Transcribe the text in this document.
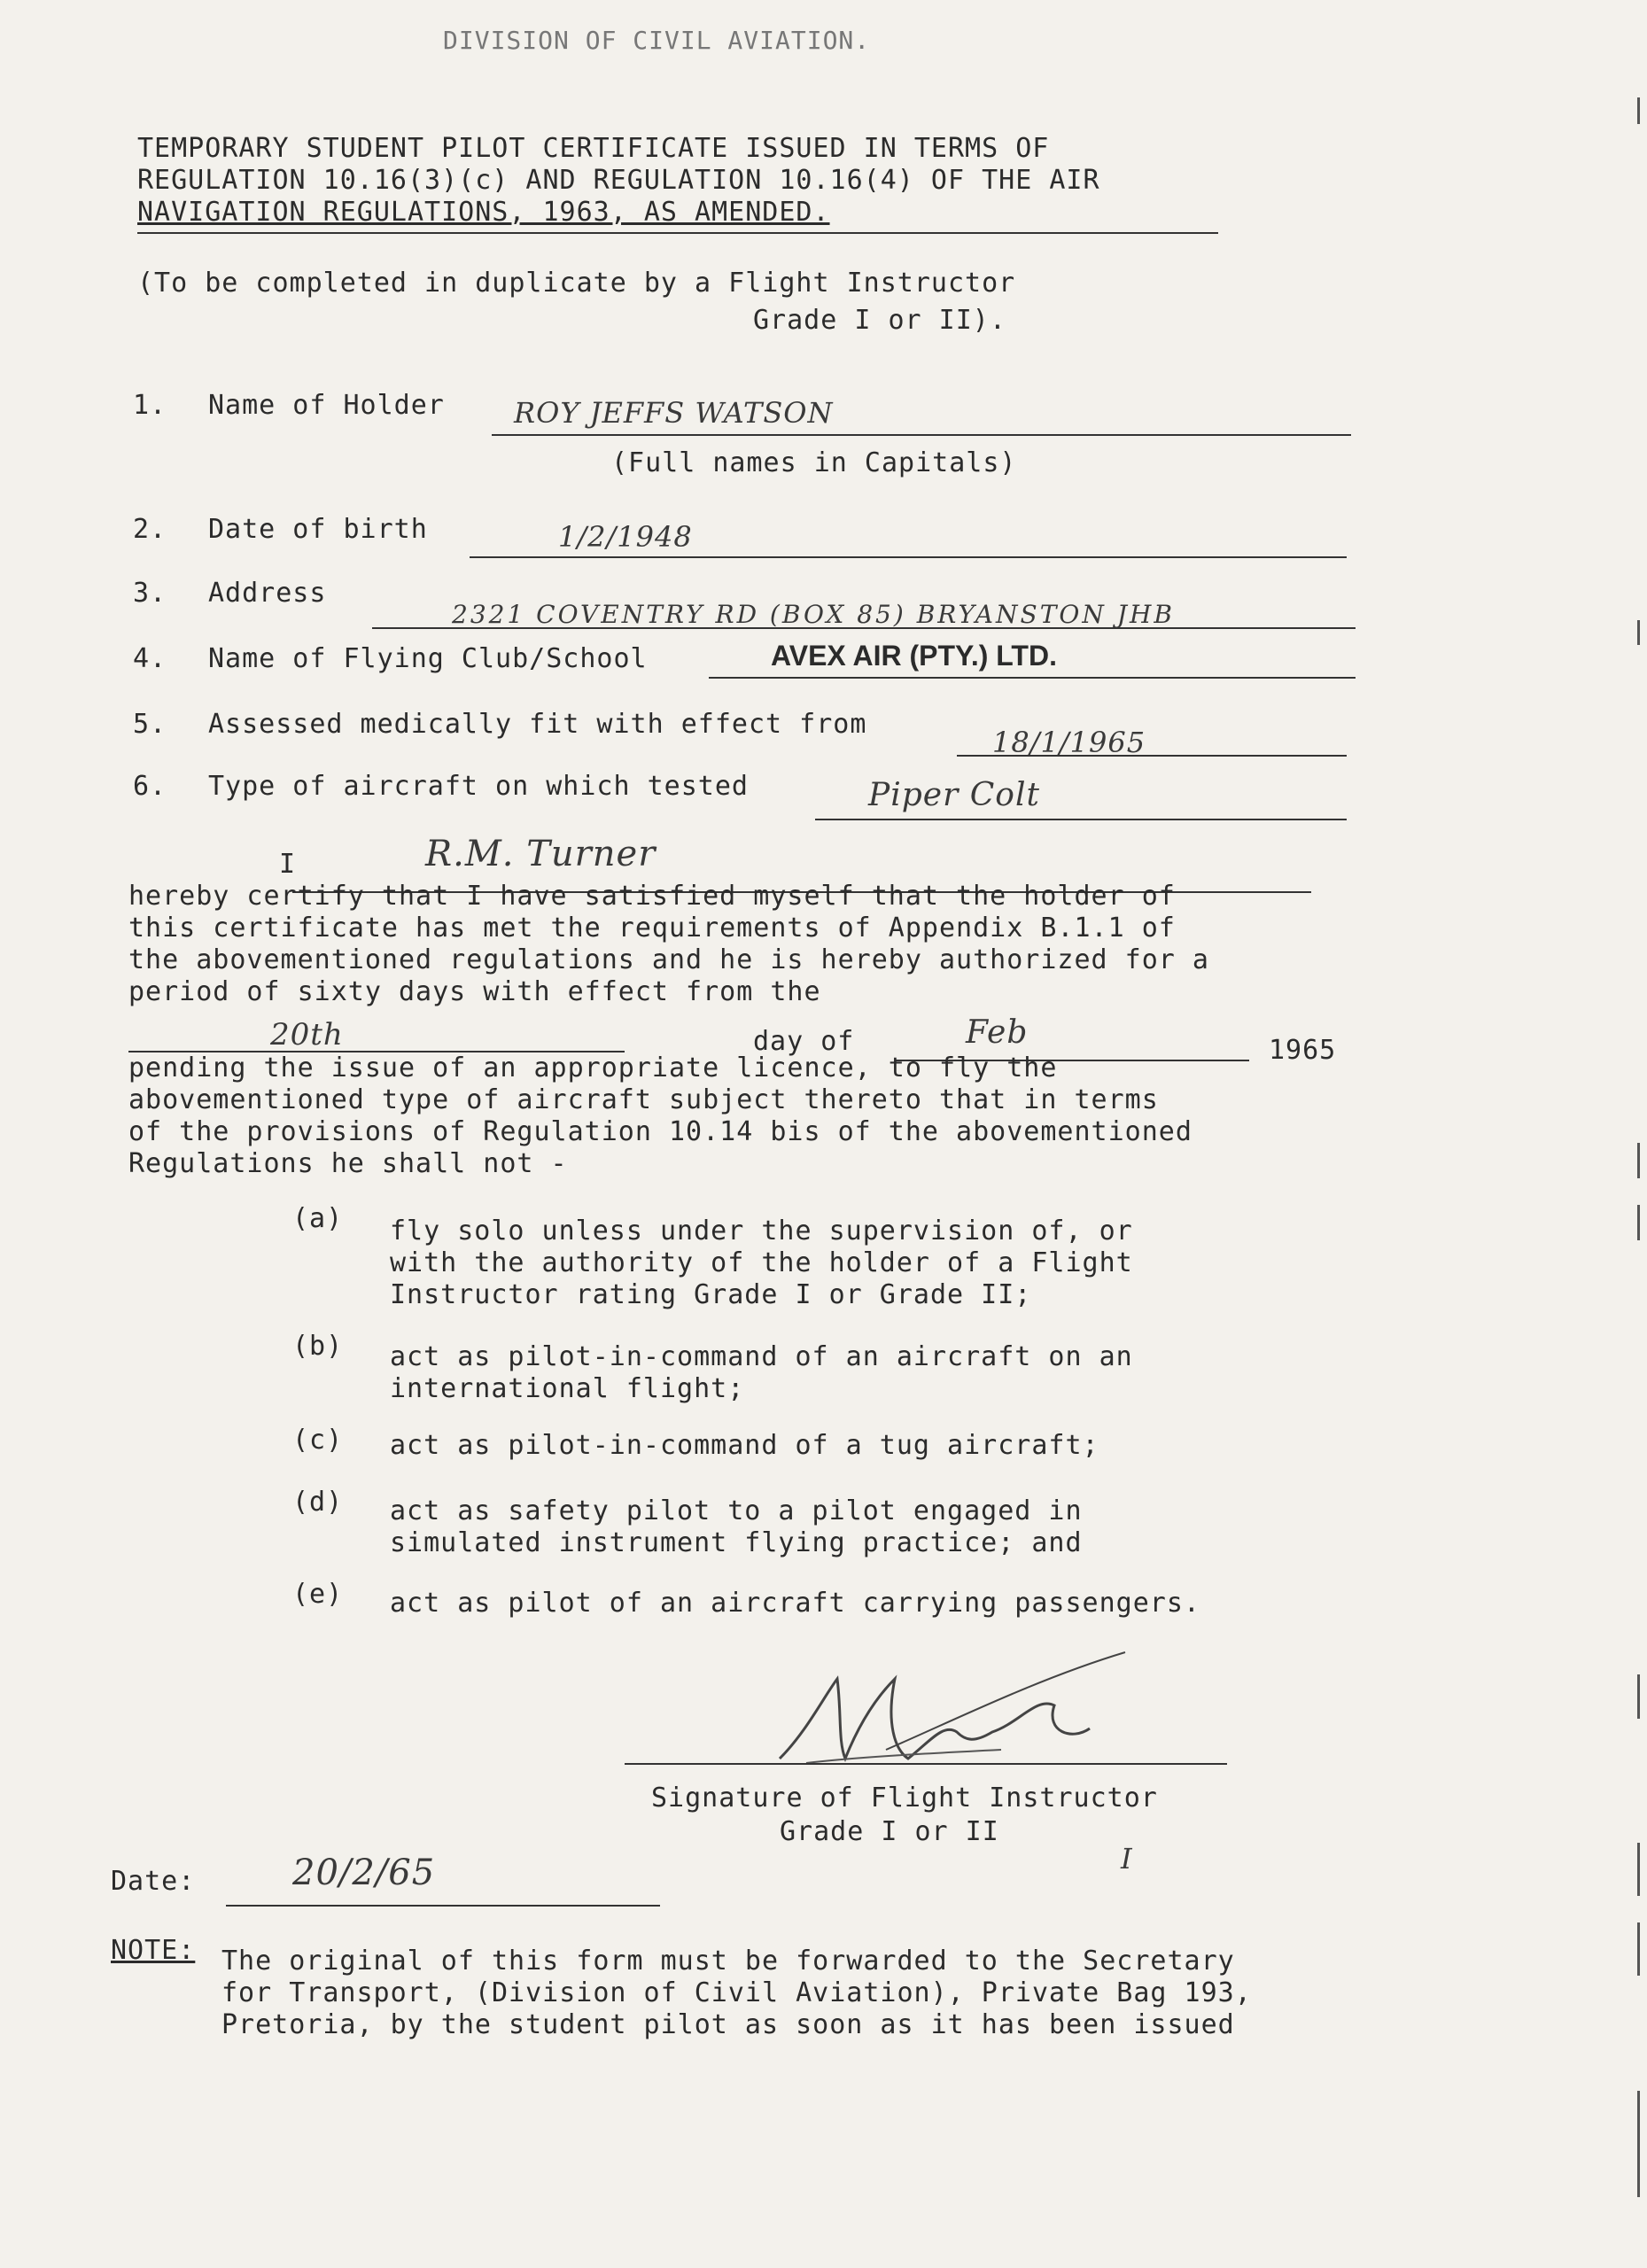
DIVISION OF CIVIL AVIATION.
TEMPORARY STUDENT PILOT CERTIFICATE ISSUED IN TERMS OF
REGULATION 10.16(3)(c) AND REGULATION 10.16(4) OF THE AIR
NAVIGATION REGULATIONS, 1963, AS AMENDED.
(To be completed in duplicate by a Flight Instructor
Grade I or II).
1. Name of Holder ROY JEFFS WATSON
(Full names in Capitals)
2. Date of birth	1/2/1948
3. Address
2321 COVENTRY RD (BOX 85) BRYANSTON JHB
4. Name of Flying Club/School	AVEX AIR (PTY.) LTD.
5. Assessed medically fit with effect from
18/1/1965
6. Type of aircraft on which tested	Piper Colt
I	R.M. Turner
hereby certify that I have satisfied myself that the holder of
this certificate has met the requirements of Appendix B.1.1 of
the abovementioned regulations and he is hereby authorized for a
period of sixty days with effect from the
20th	day of	Feb	1965
pending the issue of an appropriate licence, to fly the
abovementioned type of aircraft subject thereto that in terms
of the provisions of Regulation 10.14 bis of the abovementioned
Regulations he shall not -
(a) fly solo unless under the supervision of, or
with the authority of the holder of a Flight
Instructor rating Grade I or Grade II;
(b) act as pilot-in-command of an aircraft on an
international flight;
(c) act as pilot-in-command of a tug aircraft;
(d) act as safety pilot to a pilot engaged in
simulated instrument flying practice; and
(e) act as pilot of an aircraft carrying passengers.
Signature of Flight Instructor
Grade I or II
I
Date:	20/2/65
NOTE: The original of this form must be forwarded to the Secretary
for Transport, (Division of Civil Aviation), Private Bag 193,
Pretoria, by the student pilot as soon as it has been issued
